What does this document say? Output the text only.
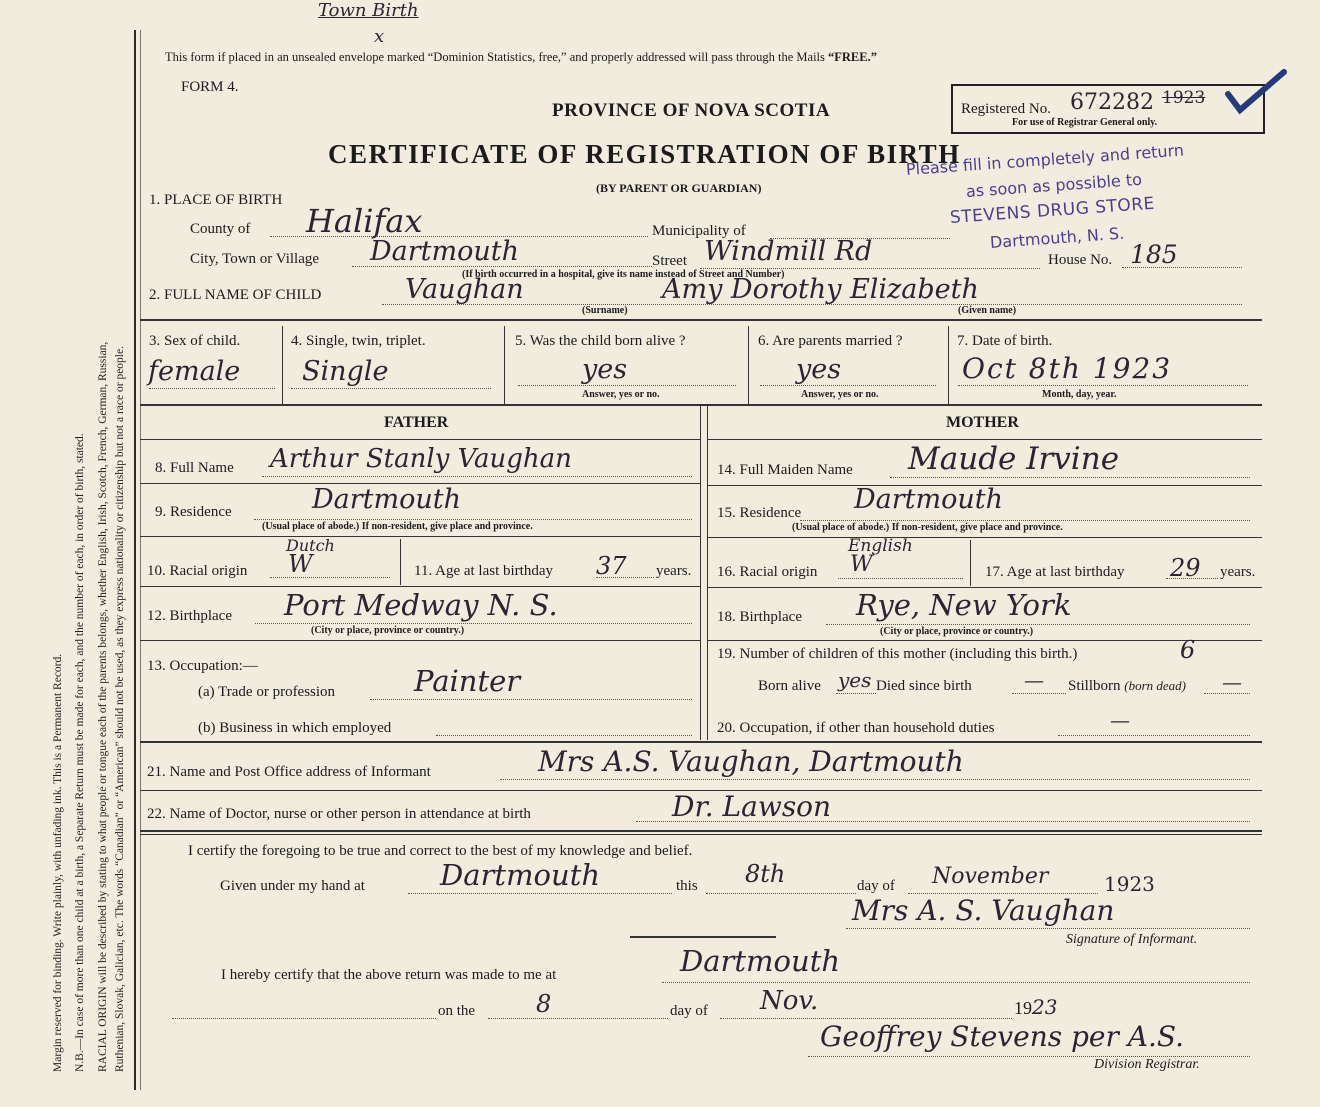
Margin reserved for binding. Write plainly, with unfading ink. This is a Permanent Record. N.B.—In case of more than one child at a birth, a Separate Return must be made for each, and the number of each, in order of birth, stated. RACIAL ORIGIN will be described by stating to what people or tongue each of the parents belongs, whether English, Irish, Scotch, French, German, Russian, Ruthenian, Slovak, Galician, etc. The words “Canadian” or “American” should not be used, as they express nationality or citizenship but not a race or people.
Town Birth
x
This form if placed in an unsealed envelope marked “Dominion Statistics, free,” and properly addressed will pass through the Mails “FREE.”
FORM 4.
PROVINCE OF NOVA SCOTIA
CERTIFICATE OF REGISTRATION OF BIRTH
(BY PARENT OR GUARDIAN)
Registered No. 672282 1923
For use of Registrar General only.
Please fill in completely and return
as soon as possible to
STEVENS DRUG STORE
Dartmouth, N. S.
1. PLACE OF BIRTH
County of Halifax	Municipality of
City, Town or Village Dartmouth	Street Windmill Rd	House No. 185
(If birth occurred in a hospital, give its name instead of Street and Number)
2. FULL NAME OF CHILD	Vaughan	Amy Dorothy Elizabeth
(Surname)	(Given name)
3. Sex of child.
female
4. Single, twin, triplet.
Single
5. Was the child born alive ?
yes
Answer, yes or no.
6. Are parents married ?
yes
Answer, yes or no.
7. Date of birth.
Oct 8th 1923
Month, day, year.
FATHER
8. Full Name Arthur Stanly Vaughan
9. Residence	Dartmouth
(Usual place of abode.) If non-resident, give place and province.
10. Racial origin
Dutch
W	11. Age at last birthday 37 years.
12. Birthplace Port Medway N. S.
(City or place, province or country.)
13. Occupation:—
(a) Trade or profession	Painter
(b) Business in which employed
MOTHER
14. Full Maiden Name Maude Irvine
15. Residence Dartmouth
(Usual place of abode.) If non-resident, give place and province.
16. Racial origin
English
W	17. Age at last birthday 29 years.
18. Birthplace Rye, New York
(City or place, province or country.)
19. Number of children of this mother (including this birth.)	6
Born alive yes Died since birth	— Stillborn (born dead) —
20. Occupation, if other than household duties	—
21. Name and Post Office address of Informant	Mrs A.S. Vaughan, Dartmouth
22. Name of Doctor, nurse or other person in attendance at birth	Dr. Lawson
I certify the foregoing to be true and correct to the best of my knowledge and belief.
Given under my hand at	Dartmouth	this 8th	day of November	1923
Mrs A. S. Vaughan
Signature of Informant.
I hereby certify that the above return was made to me at	Dartmouth
on the	8	day of Nov.	1923
Geoffrey Stevens per A.S.
Division Registrar.
